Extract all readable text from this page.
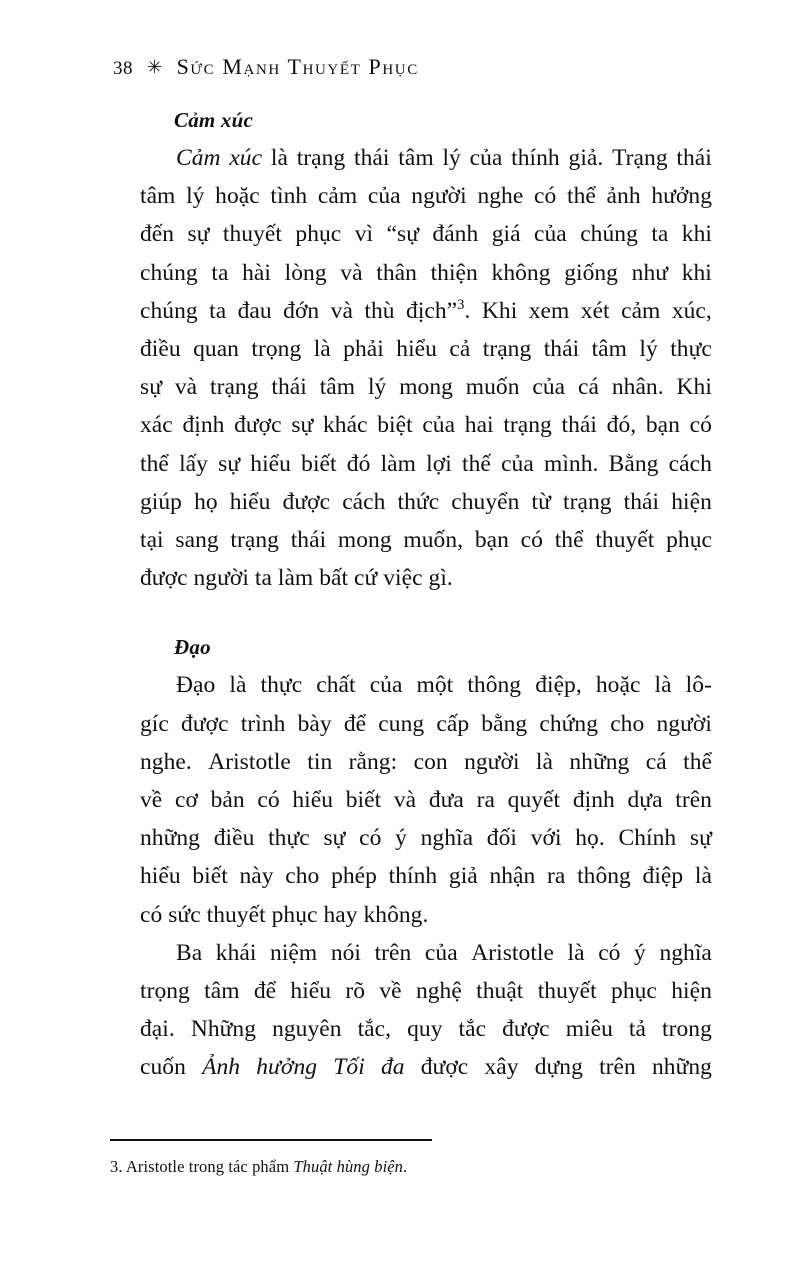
38 ✳ Sức Mạnh Thuyết Phục
Cảm xúc

Cảm xúc là trạng thái tâm lý của thính giả. Trạng thái
tâm lý hoặc tình cảm của người nghe có thể ảnh hưởng
đến sự thuyết phục vì “sự đánh giá của chúng ta khi
chúng ta hài lòng và thân thiện không giống như khi
chúng ta đau đớn và thù địch”$^3$. Khi xem xét cảm xúc,
điều quan trọng là phải hiểu cả trạng thái tâm lý thực
sự và trạng thái tâm lý mong muốn của cá nhân. Khi
xác định được sự khác biệt của hai trạng thái đó, bạn có
thể lấy sự hiểu biết đó làm lợi thế của mình. Bằng cách
giúp họ hiểu được cách thức chuyển từ trạng thái hiện
tại sang trạng thái mong muốn, bạn có thể thuyết phục
được
người
ta
làm
bất
cứ
việc
gì.

Đạo

Đạo là thực chất của một thông điệp, hoặc là lô-
gíc được trình bày để cung cấp bằng chứng cho người
nghe. Aristotle tin rằng: con người là những cá thể
về cơ bản có hiểu biết và đưa ra quyết định dựa trên
những điều thực sự có ý nghĩa đối với họ. Chính sự
hiểu biết này cho phép thính giả nhận ra thông điệp là
có
sức
thuyết
phục
hay
không.

Ba khái niệm nói trên của Aristotle là có ý nghĩa
trọng tâm để hiểu rõ về nghệ thuật thuyết phục hiện
đại. Những nguyên tắc, quy tắc được miêu tả trong
cuốn Ảnh hưởng Tối đa được xây dựng trên những

3. Aristotle trong tác phẩm Thuật hùng biện.
